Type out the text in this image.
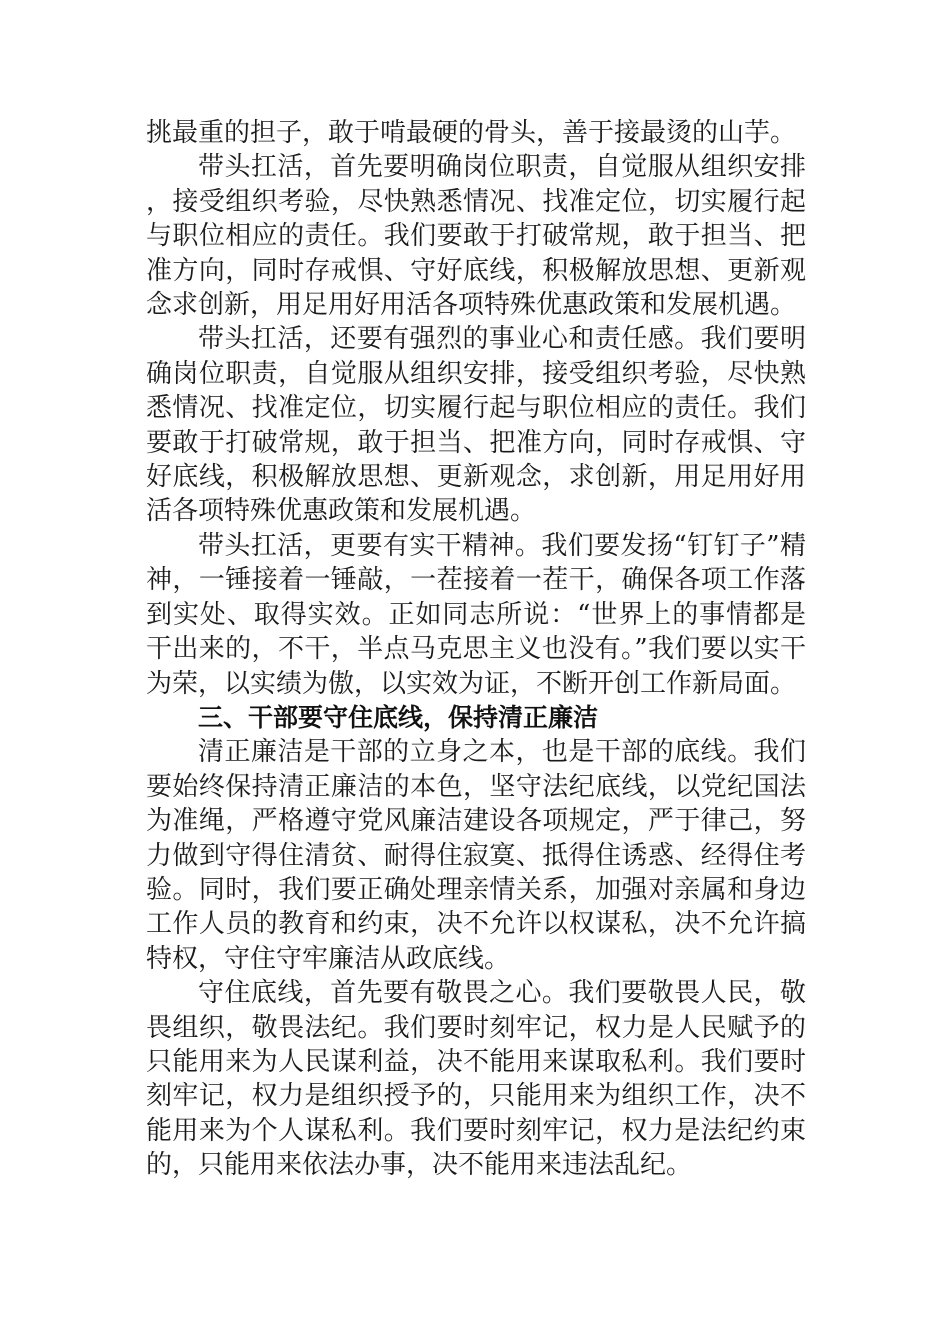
挑最重的担子，敢于啃最硬的骨头，善于接最烫的山芋。

带头扛活，首先要明确岗位职责，自觉服从组织安排，接受组织考验，尽快熟悉情况、找准定位，切实履行起与职位相应的责任。我们要敢于打破常规，敢于担当、把准方向，同时存戒惧、守好底线，积极解放思想、更新观念求创新，用足用好用活各项特殊优惠政策和发展机遇。

带头扛活，还要有强烈的事业心和责任感。我们要明确岗位职责，自觉服从组织安排，接受组织考验，尽快熟悉情况、找准定位，切实履行起与职位相应的责任。我们要敢于打破常规，敢于担当、把准方向，同时存戒惧、守好底线，积极解放思想、更新观念，求创新，用足用好用活各项特殊优惠政策和发展机遇。

带头扛活，更要有实干精神。我们要发扬“钉钉子”精神，一锤接着一锤敲，一茬接着一茬干，确保各项工作落到实处、取得实效。正如同志所说：“世界上的事情都是干出来的，不干，半点马克思主义也没有。”我们要以实干为荣，以实绩为傲，以实效为证，不断开创工作新局面。

三、干部要守住底线，保持清正廉洁

清正廉洁是干部的立身之本，也是干部的底线。我们要始终保持清正廉洁的本色，坚守法纪底线，以党纪国法为准绳，严格遵守党风廉洁建设各项规定，严于律己，努力做到守得住清贫、耐得住寂寞、抵得住诱惑、经得住考验。同时，我们要正确处理亲情关系，加强对亲属和身边工作人员的教育和约束，决不允许以权谋私，决不允许搞特权，守住守牢廉洁从政底线。

守住底线，首先要有敬畏之心。我们要敬畏人民，敬畏组织，敬畏法纪。我们要时刻牢记，权力是人民赋予的只能用来为人民谋利益，决不能用来谋取私利。我们要时刻牢记，权力是组织授予的，只能用来为组织工作，决不能用来为个人谋私利。我们要时刻牢记，权力是法纪约束的，只能用来依法办事，决不能用来违法乱纪。
